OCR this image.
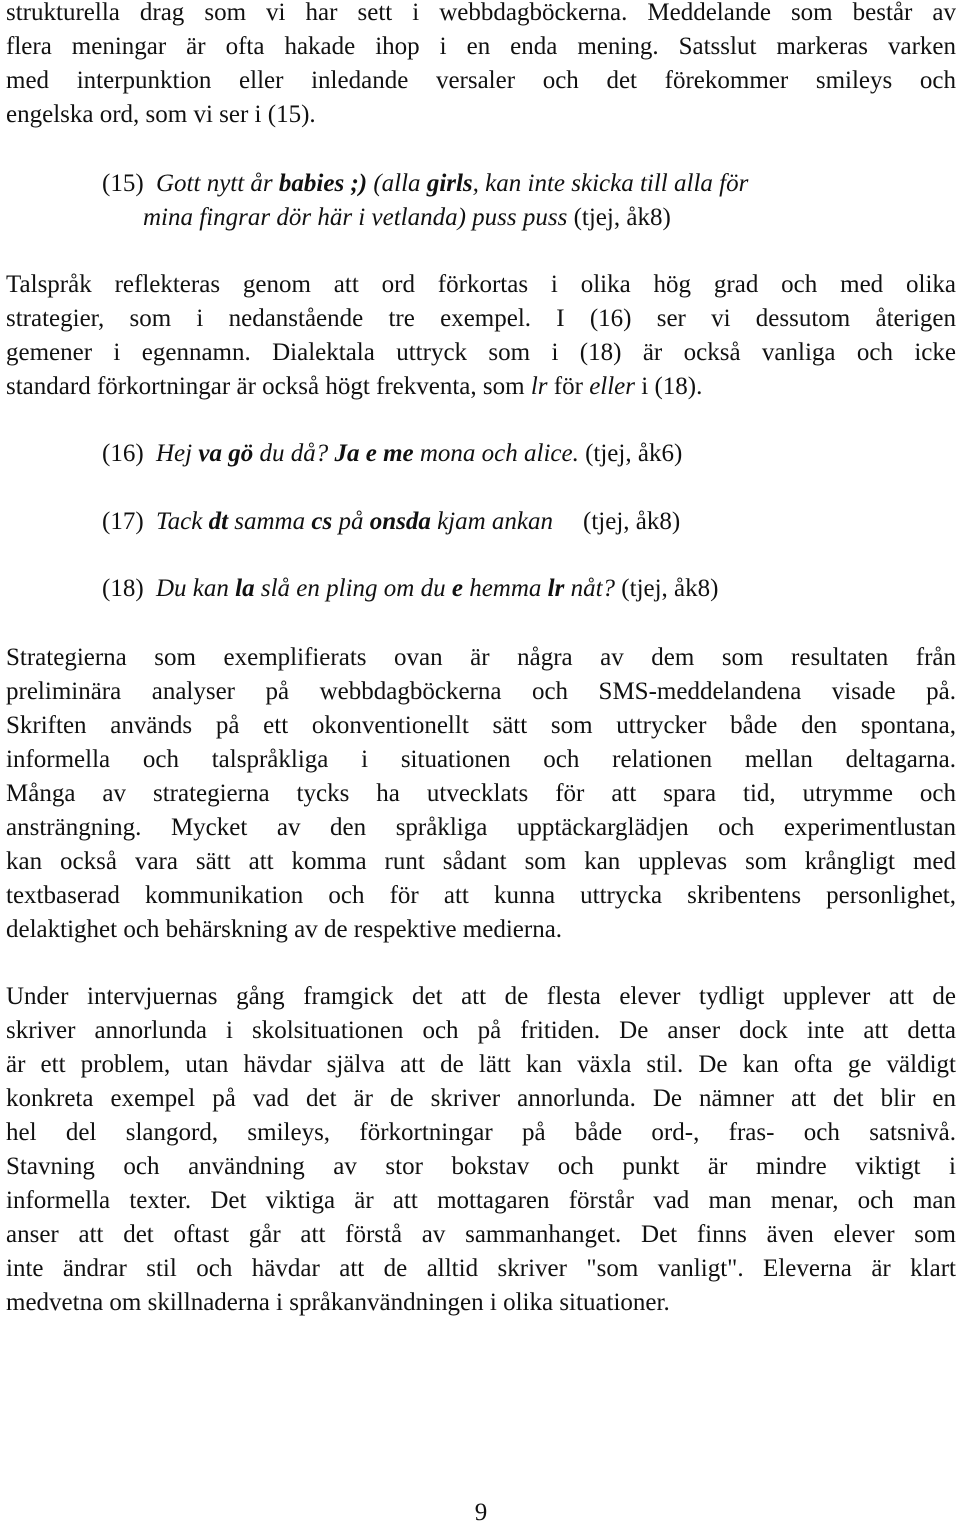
strukturella drag som vi har sett i webbdagböckerna. Meddelande som består av

flera meningar är ofta hakade ihop i en enda mening. Satsslut markeras varken

med interpunktion eller inledande versaler och det förekommer smileys och

engelska ord, som vi ser i (15).

(15) Gott nytt år babies ;) (alla girls, kan inte skicka till alla för

mina fingrar dör här i vetlanda) puss puss (tjej, åk8)

Talspråk reflekteras genom att ord förkortas i olika hög grad och med olika

strategier, som i nedanstående tre exempel. I (16) ser vi dessutom återigen

gemener i egennamn. Dialektala uttryck som i (18) är också vanliga och icke

standard förkortningar är också högt frekventa, som lr för eller i (18).

(16) Hej va gö du då? Ja e me mona och alice. (tjej, åk6)

(17) Tack dt samma cs på onsda kjam ankan (tjej, åk8)

(18) Du kan la slå en pling om du e hemma lr nåt? (tjej, åk8)

Strategierna som exemplifierats ovan är några av dem som resultaten från

preliminära analyser på webbdagböckerna och SMS-meddelandena visade på.

Skriften används på ett okonventionellt sätt som uttrycker både den spontana,

informella och talspråkliga i situationen och relationen mellan deltagarna.

Många av strategierna tycks ha utvecklats för att spara tid, utrymme och

ansträngning. Mycket av den språkliga upptäckarglädjen och experimentlustan

kan också vara sätt att komma runt sådant som kan upplevas som krångligt med

textbaserad kommunikation och för att kunna uttrycka skribentens personlighet,

delaktighet och behärskning av de respektive medierna.

Under intervjuernas gång framgick det att de flesta elever tydligt upplever att de

skriver annorlunda i skolsituationen och på fritiden. De anser dock inte att detta

är ett problem, utan hävdar själva att de lätt kan växla stil. De kan ofta ge väldigt

konkreta exempel på vad det är de skriver annorlunda. De nämner att det blir en

hel del slangord, smileys, förkortningar på både ord-, fras- och satsnivå.

Stavning och användning av stor bokstav och punkt är mindre viktigt i

informella texter. Det viktiga är att mottagaren förstår vad man menar, och man

anser att det oftast går att förstå av sammanhanget. Det finns även elever som

inte ändrar stil och hävdar att de alltid skriver "som vanligt". Eleverna är klart

medvetna om skillnaderna i språkanvändningen i olika situationer.

9
